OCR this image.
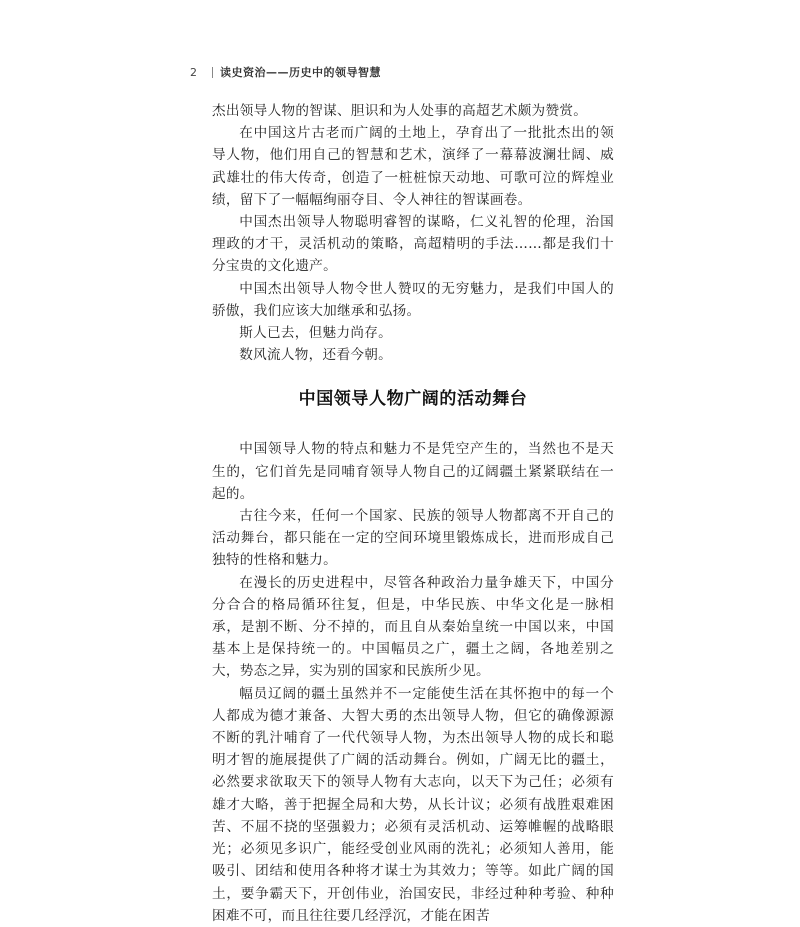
2	读史资治——历史中的领导智慧

杰出领导人物的智谋、胆识和为人处事的高超艺术颇为赞赏。

在中国这片古老而广阔的土地上，孕育出了一批批杰出的领导人物，他们用自己的智慧和艺术，演绎了一幕幕波澜壮阔、威武雄壮的伟大传奇，创造了一桩桩惊天动地、可歌可泣的辉煌业绩，留下了一幅幅绚丽夺目、令人神往的智谋画卷。

中国杰出领导人物聪明睿智的谋略，仁义礼智的伦理，治国理政的才干，灵活机动的策略，高超精明的手法……都是我们十分宝贵的文化遗产。

中国杰出领导人物令世人赞叹的无穷魅力，是我们中国人的骄傲，我们应该大加继承和弘扬。

斯人已去，但魅力尚存。

数风流人物，还看今朝。

中国领导人物广阔的活动舞台

中国领导人物的特点和魅力不是凭空产生的，当然也不是天生的，它们首先是同哺育领导人物自己的辽阔疆土紧紧联结在一起的。

古往今来，任何一个国家、民族的领导人物都离不开自己的活动舞台，都只能在一定的空间环境里锻炼成长，进而形成自己独特的性格和魅力。

在漫长的历史进程中，尽管各种政治力量争雄天下，中国分分合合的格局循环往复，但是，中华民族、中华文化是一脉相承，是割不断、分不掉的，而且自从秦始皇统一中国以来，中国基本上是保持统一的。中国幅员之广，疆土之阔，各地差别之大，势态之异，实为别的国家和民族所少见。

幅员辽阔的疆土虽然并不一定能使生活在其怀抱中的每一个人都成为德才兼备、大智大勇的杰出领导人物，但它的确像源源不断的乳汁哺育了一代代领导人物，为杰出领导人物的成长和聪明才智的施展提供了广阔的活动舞台。例如，广阔无比的疆土，必然要求欲取天下的领导人物有大志向，以天下为己任；必须有雄才大略，善于把握全局和大势，从长计议；必须有战胜艰难困苦、不屈不挠的坚强毅力；必须有灵活机动、运筹帷幄的战略眼光；必须见多识广，能经受创业风雨的洗礼；必须知人善用，能吸引、团结和使用各种将才谋士为其效力；等等。如此广阔的国土，要争霸天下，开创伟业，治国安民，非经过种种考验、种种困难不可，而且往往要几经浮沉，才能在困苦
